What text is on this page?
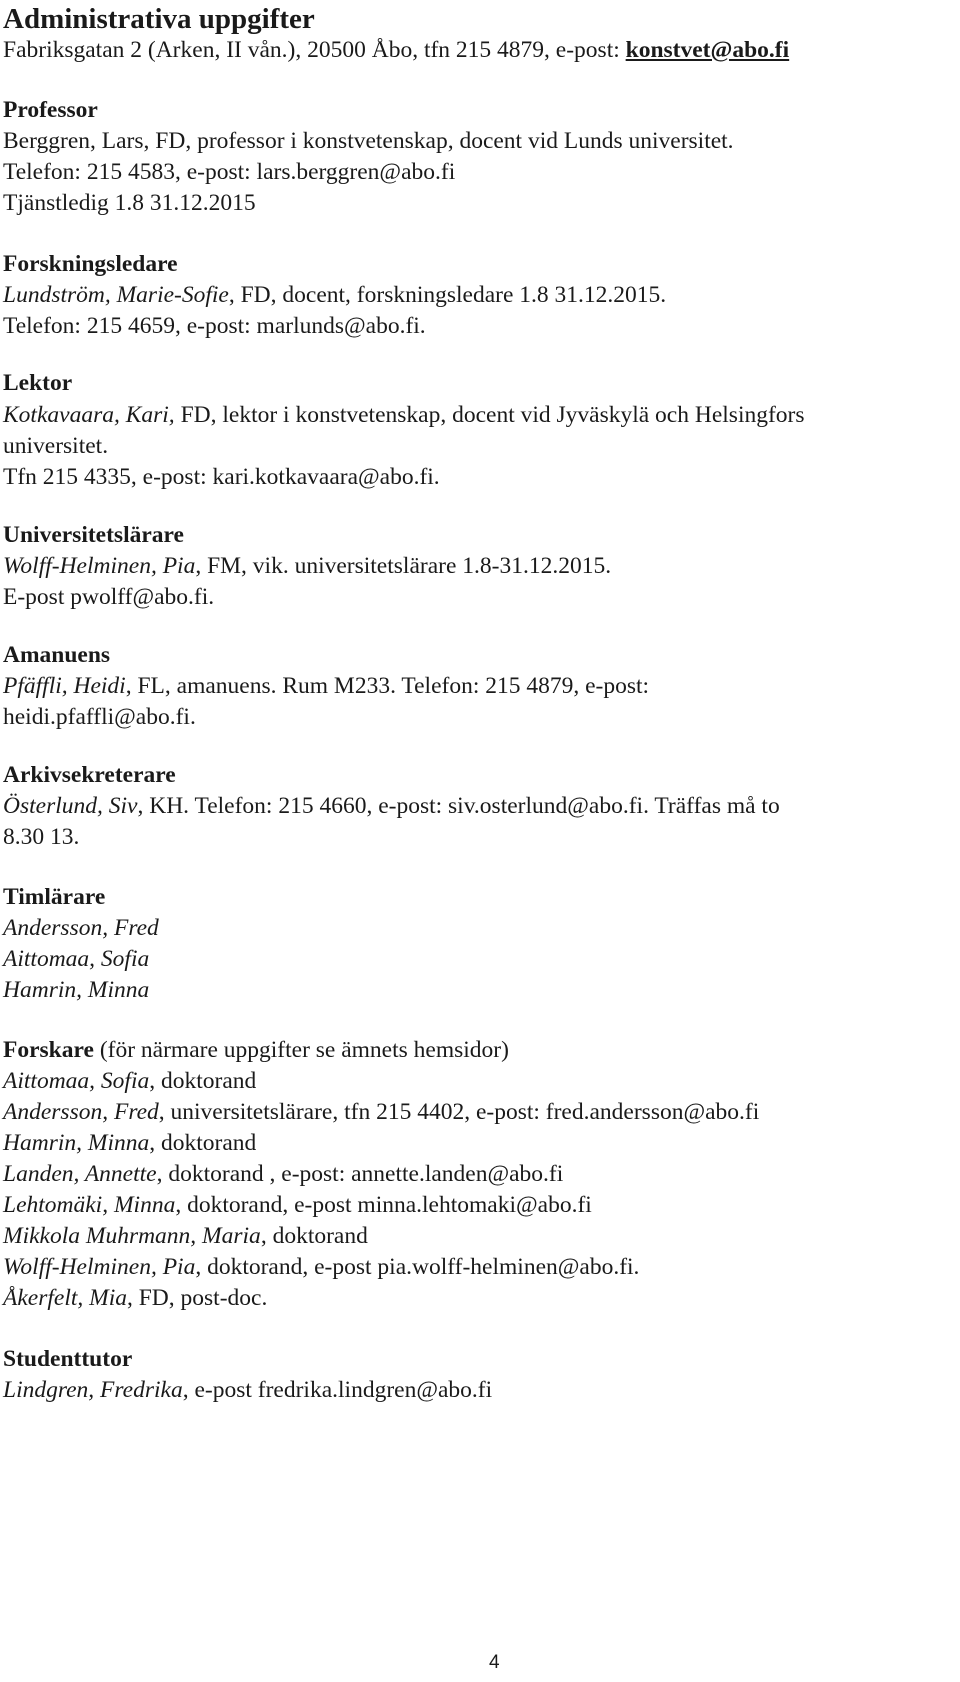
Administrativa uppgifter
Fabriksgatan 2 (Arken, II vån.), 20500 Åbo, tfn 215 4879, e-post: konstvet@abo.fi
Professor
Berggren, Lars, FD, professor i konstvetenskap, docent vid Lunds universitet.
Telefon: 215 4583, e-post: lars.berggren@abo.fi
Tjänstledig 1.8 31.12.2015
Forskningsledare
Lundström, Marie-Sofie, FD, docent, forskningsledare 1.8 31.12.2015.
Telefon: 215 4659, e-post: marlunds@abo.fi.
Lektor
Kotkavaara, Kari, FD, lektor i konstvetenskap, docent vid Jyväskylä och Helsingfors
universitet.
Tfn 215 4335, e-post: kari.kotkavaara@abo.fi.
Universitetslärare
Wolff-Helminen, Pia, FM, vik. universitetslärare 1.8-31.12.2015.
E-post pwolff@abo.fi.
Amanuens
Pfäffli, Heidi, FL, amanuens. Rum M233. Telefon: 215 4879, e-post:
heidi.pfaffli@abo.fi.
Arkivsekreterare
Österlund, Siv, KH. Telefon: 215 4660, e-post: siv.osterlund@abo.fi. Träffas må to
8.30 13.
Timlärare
Andersson, Fred
Aittomaa, Sofia
Hamrin, Minna
Forskare (för närmare uppgifter se ämnets hemsidor)
Aittomaa, Sofia, doktorand
Andersson, Fred, universitetslärare, tfn 215 4402, e-post: fred.andersson@abo.fi
Hamrin, Minna, doktorand
Landen, Annette, doktorand , e-post: annette.landen@abo.fi
Lehtomäki, Minna, doktorand, e-post minna.lehtomaki@abo.fi
Mikkola Muhrmann, Maria, doktorand
Wolff-Helminen, Pia, doktorand, e-post pia.wolff-helminen@abo.fi.
Åkerfelt, Mia, FD, post-doc.
Studenttutor
Lindgren, Fredrika, e-post fredrika.lindgren@abo.fi
4
